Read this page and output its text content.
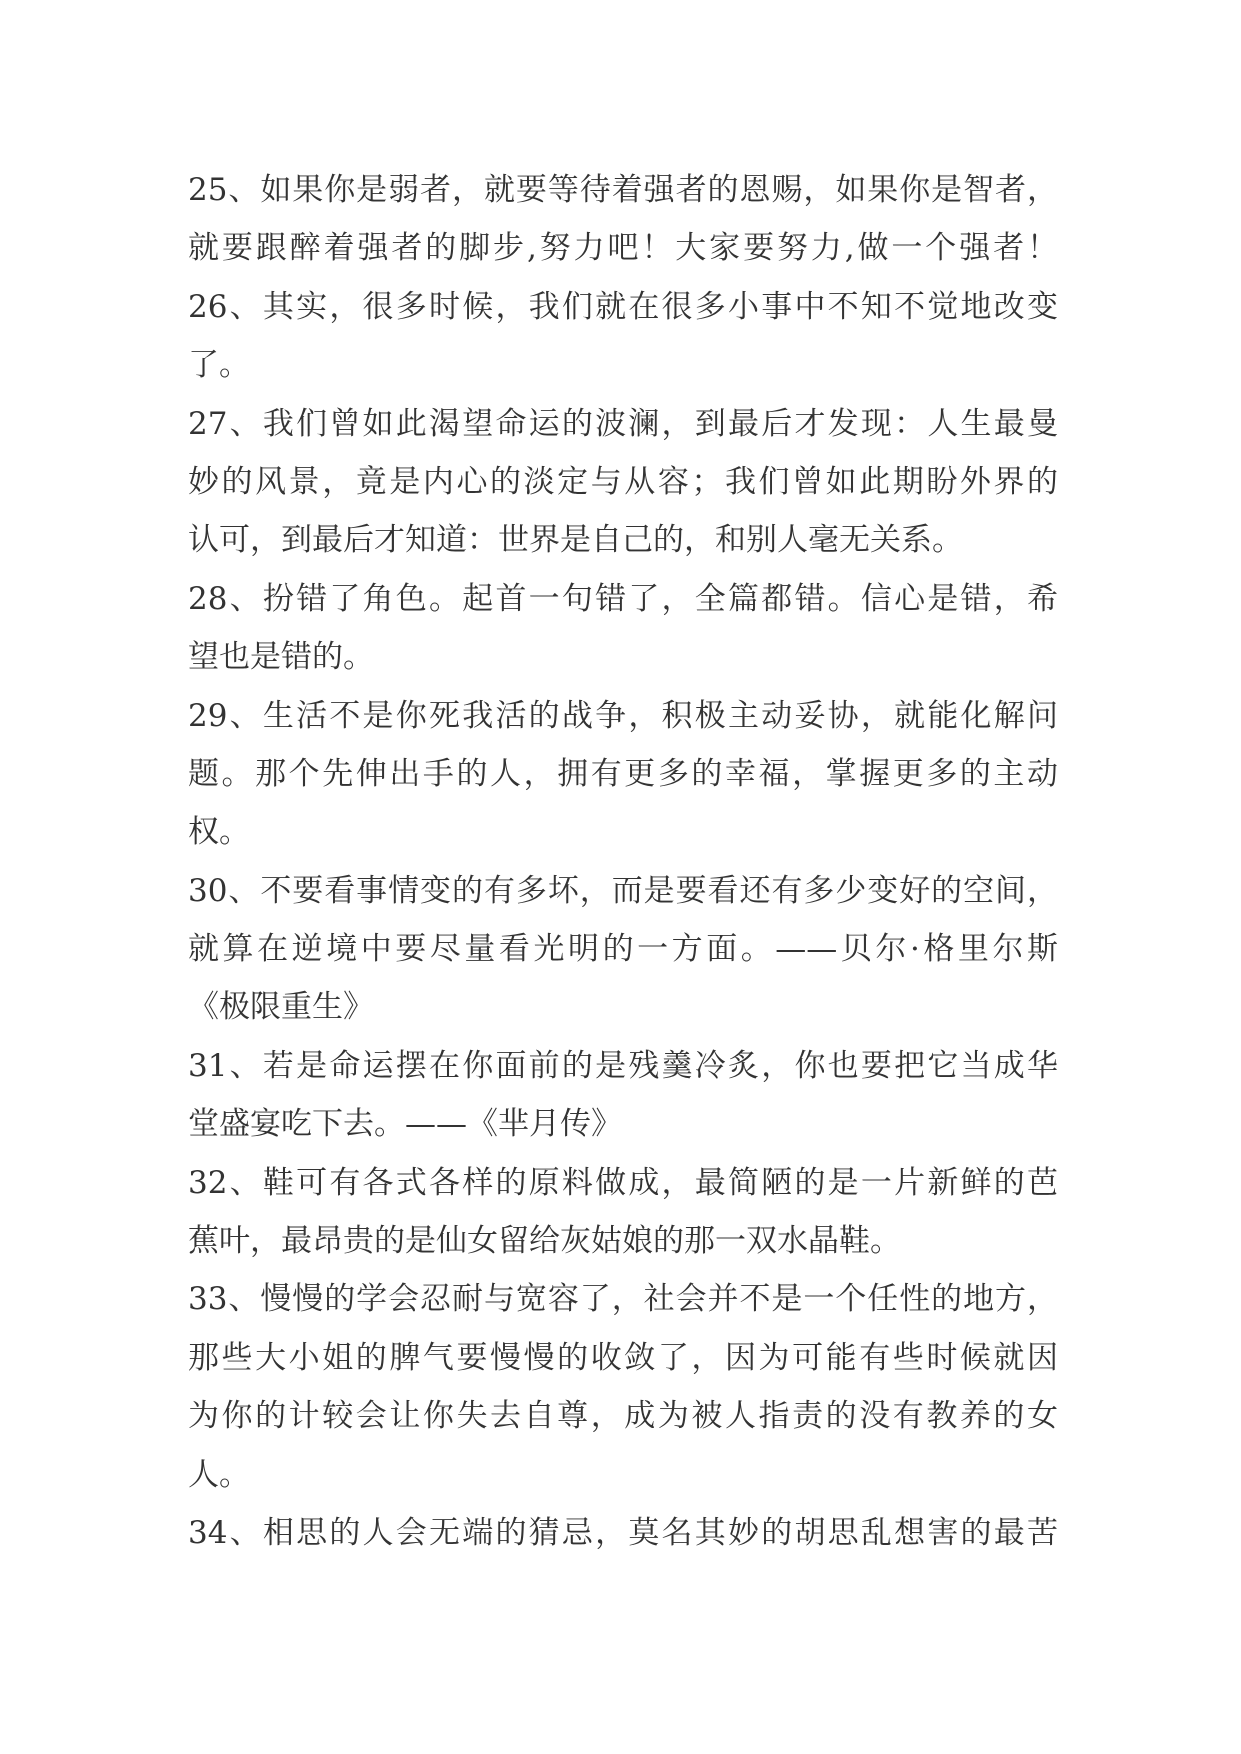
25、如果你是弱者，就要等待着强者的恩赐，如果你是智者，
就要跟醉着强者的脚步,努力吧！大家要努力,做一个强者！
26、其实，很多时候，我们就在很多小事中不知不觉地改变
了。
27、我们曾如此渴望命运的波澜，到最后才发现：人生最曼
妙的风景，竟是内心的淡定与从容；我们曾如此期盼外界的
认可，到最后才知道：世界是自己的，和别人毫无关系。
28、扮错了角色。起首一句错了，全篇都错。信心是错，希
望也是错的。
29、生活不是你死我活的战争，积极主动妥协，就能化解问
题。那个先伸出手的人，拥有更多的幸福，掌握更多的主动
权。
30、不要看事情变的有多坏，而是要看还有多少变好的空间，
就算在逆境中要尽量看光明的一方面。——贝尔·格里尔斯
《极限重生》
31、若是命运摆在你面前的是残羹冷炙，你也要把它当成华
堂盛宴吃下去。——《芈月传》
32、鞋可有各式各样的原料做成，最简陋的是一片新鲜的芭
蕉叶，最昂贵的是仙女留给灰姑娘的那一双水晶鞋。
33、慢慢的学会忍耐与宽容了，社会并不是一个任性的地方，
那些大小姐的脾气要慢慢的收敛了，因为可能有些时候就因
为你的计较会让你失去自尊，成为被人指责的没有教养的女
人。
34、相思的人会无端的猜忌，莫名其妙的胡思乱想害的最苦
